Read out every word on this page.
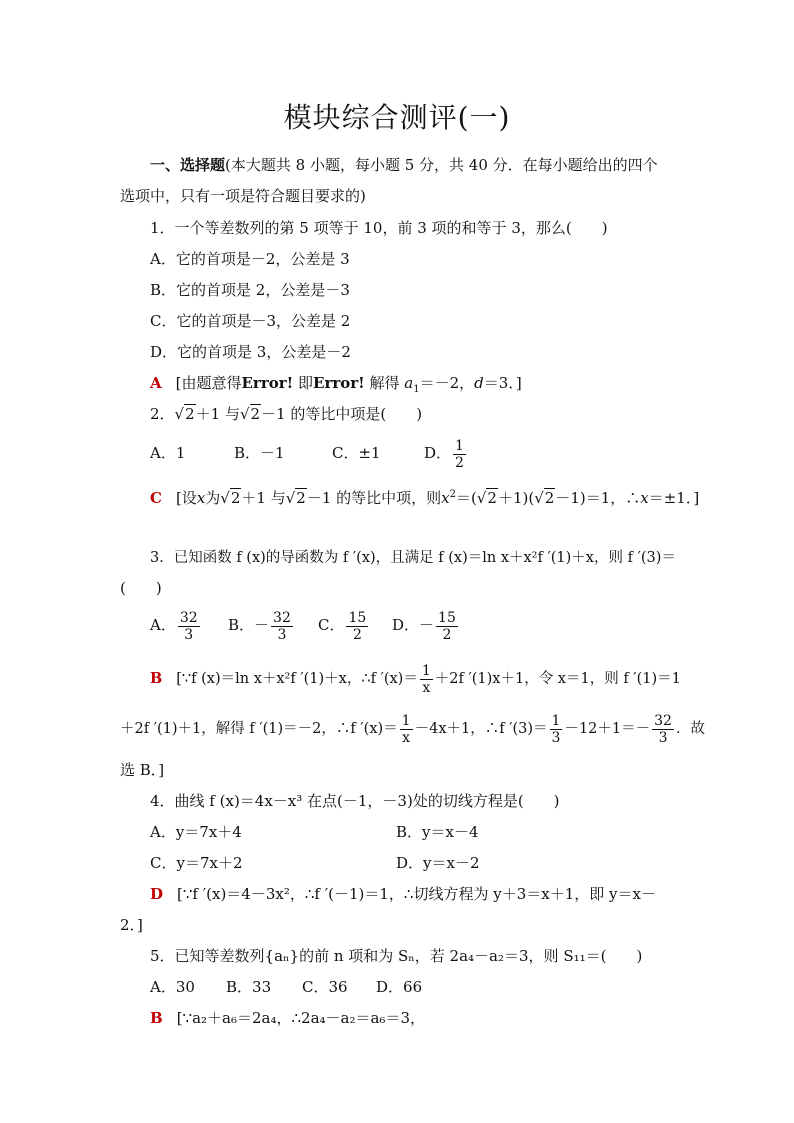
模块综合测评(一)
一、选择题(本大题共 8 小题，每小题 5 分，共 40 分．在每小题给出的四个
选项中，只有一项是符合题目要求的)
1．一个等差数列的第 5 项等于 10，前 3 项的和等于 3，那么(　　)
A．它的首项是－2，公差是 3
B．它的首项是 2，公差是－3
C．它的首项是－3，公差是 2
D．它的首项是 3，公差是－2
A [由题意得Error! 即Error! 解得 $a_1=-2$，d＝3．]
2．√2＋1 与√2－1 的等比中项是(　　)
A．1	B．－1	C．±1	D． $\frac{1}{2}$
C [设x为√2＋1 与√2－1 的等比中项，则$x^2=(√2+1)(√2-1)=1$，∴x＝±1．]
3．已知函数 f (x)的导函数为 f ′(x)，且满足 f (x)＝ln x＋x²f ′(1)＋x，则 f ′(3)＝
(　　)
A． $\frac{32}{3}$ B．－ $\frac{32}{3}$ C． $\frac{15}{2}$ D．－ $\frac{15}{2}$
B [∵f (x)＝ln x＋x²f ′(1)＋x，∴f $'(x)= \frac{1}{x} +2f$ ′(1)x＋1，令 x＝1，则 f ′(1)＝1
＋2f ′(1)＋1，解得 f ′(1)＝－2，∴f $'(x)= \frac{1}{x} -4x+1$，∴f $'(3)= \frac{1}{3} -12+1=- \frac{32}{3}$ ．故
选 B．]
4．曲线 f (x)＝4x－x³ 在点(－1，－3)处的切线方程是(　　)
A．y＝7x＋4	B．y＝x－4
C．y＝7x＋2	D．y＝x－2
D [∵f ′(x)＝4－3x²，∴f ′(－1)＝1，∴切线方程为 y＋3＝x＋1，即 y＝x－
2．]
5．已知等差数列{aₙ}的前 n 项和为 Sₙ，若 2a₄－a₂＝3，则 S₁₁＝(　　)
A．30 B．33 C．36 D．66
B [∵a₂＋a₆＝2a₄，∴2a₄－a₂＝a₆＝3，
